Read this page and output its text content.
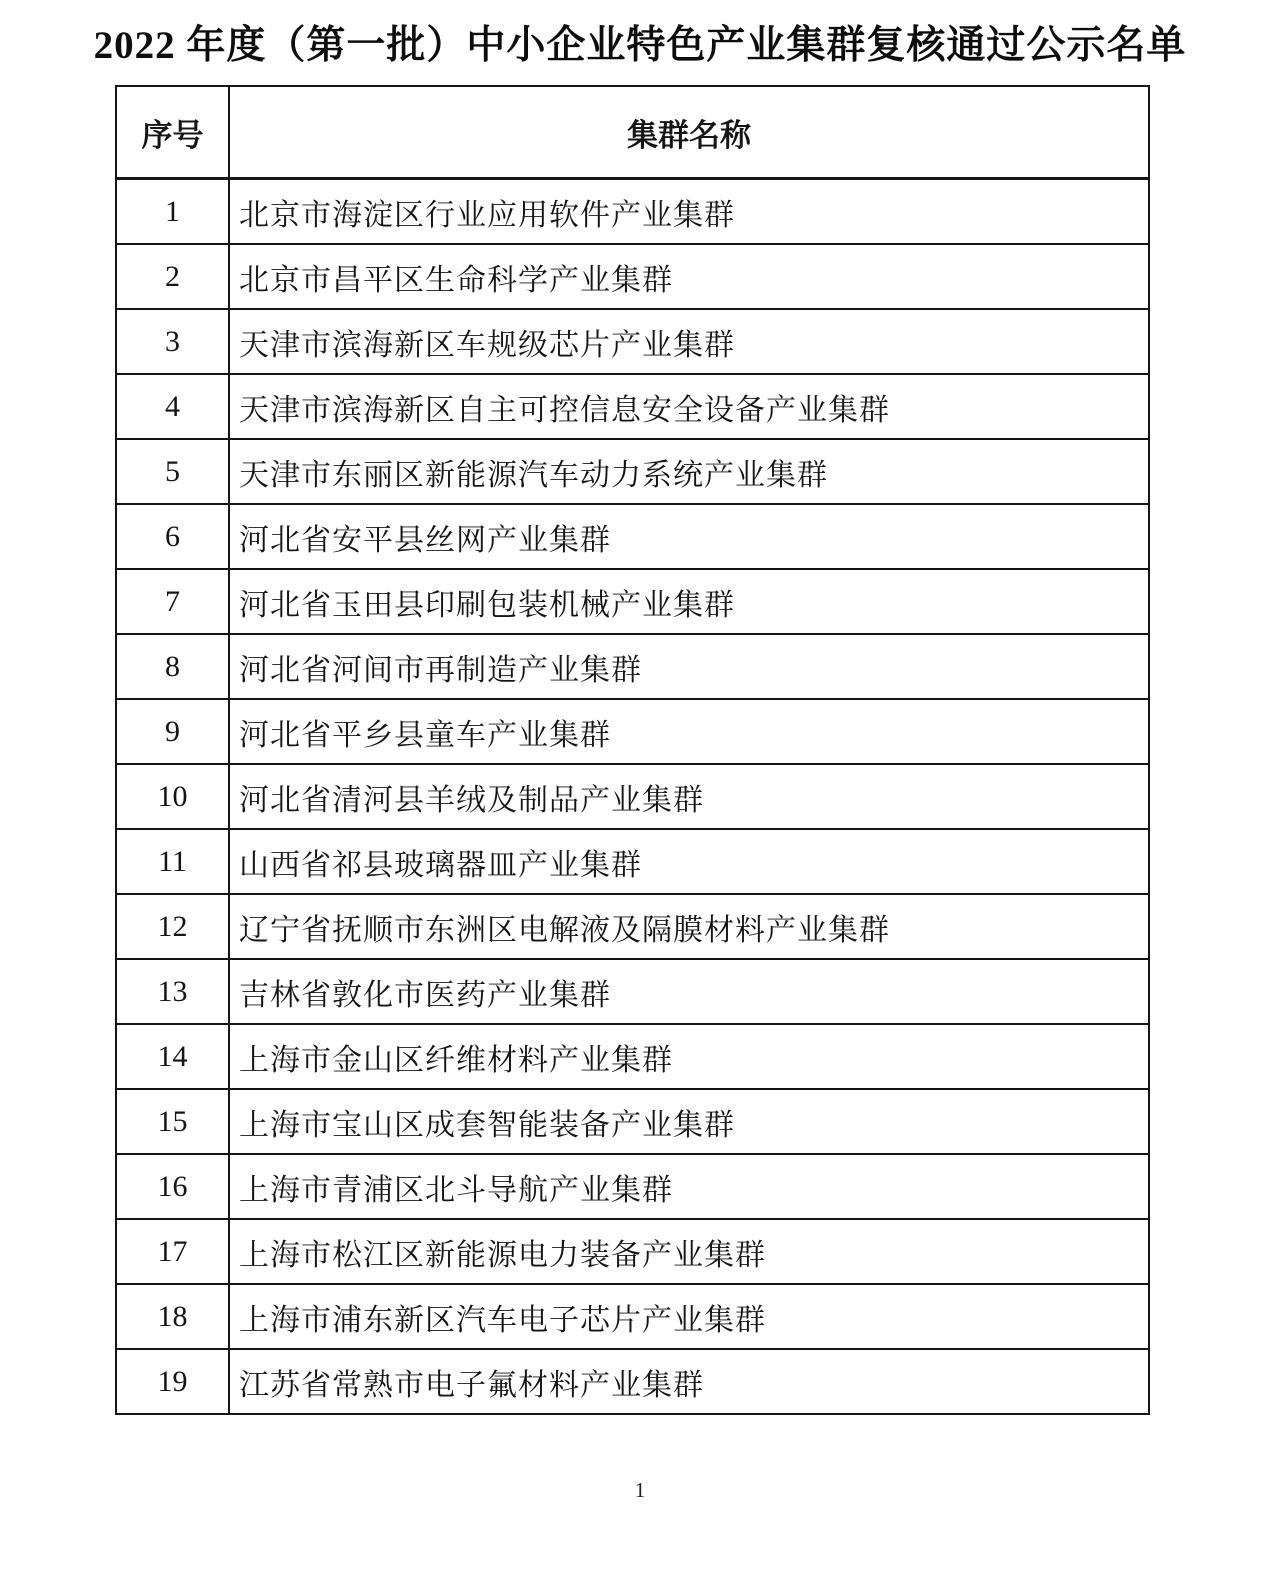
2022 年度（第一批）中小企业特色产业集群复核通过公示名单
序号	集群名称
1	北京市海淀区行业应用软件产业集群
2	北京市昌平区生命科学产业集群
3	天津市滨海新区车规级芯片产业集群
4	天津市滨海新区自主可控信息安全设备产业集群
5	天津市东丽区新能源汽车动力系统产业集群
6	河北省安平县丝网产业集群
7	河北省玉田县印刷包装机械产业集群
8	河北省河间市再制造产业集群
9	河北省平乡县童车产业集群
10	河北省清河县羊绒及制品产业集群
11	山西省祁县玻璃器皿产业集群
12	辽宁省抚顺市东洲区电解液及隔膜材料产业集群
13	吉林省敦化市医药产业集群
14	上海市金山区纤维材料产业集群
15	上海市宝山区成套智能装备产业集群
16	上海市青浦区北斗导航产业集群
17	上海市松江区新能源电力装备产业集群
18	上海市浦东新区汽车电子芯片产业集群
19	江苏省常熟市电子氟材料产业集群
1
